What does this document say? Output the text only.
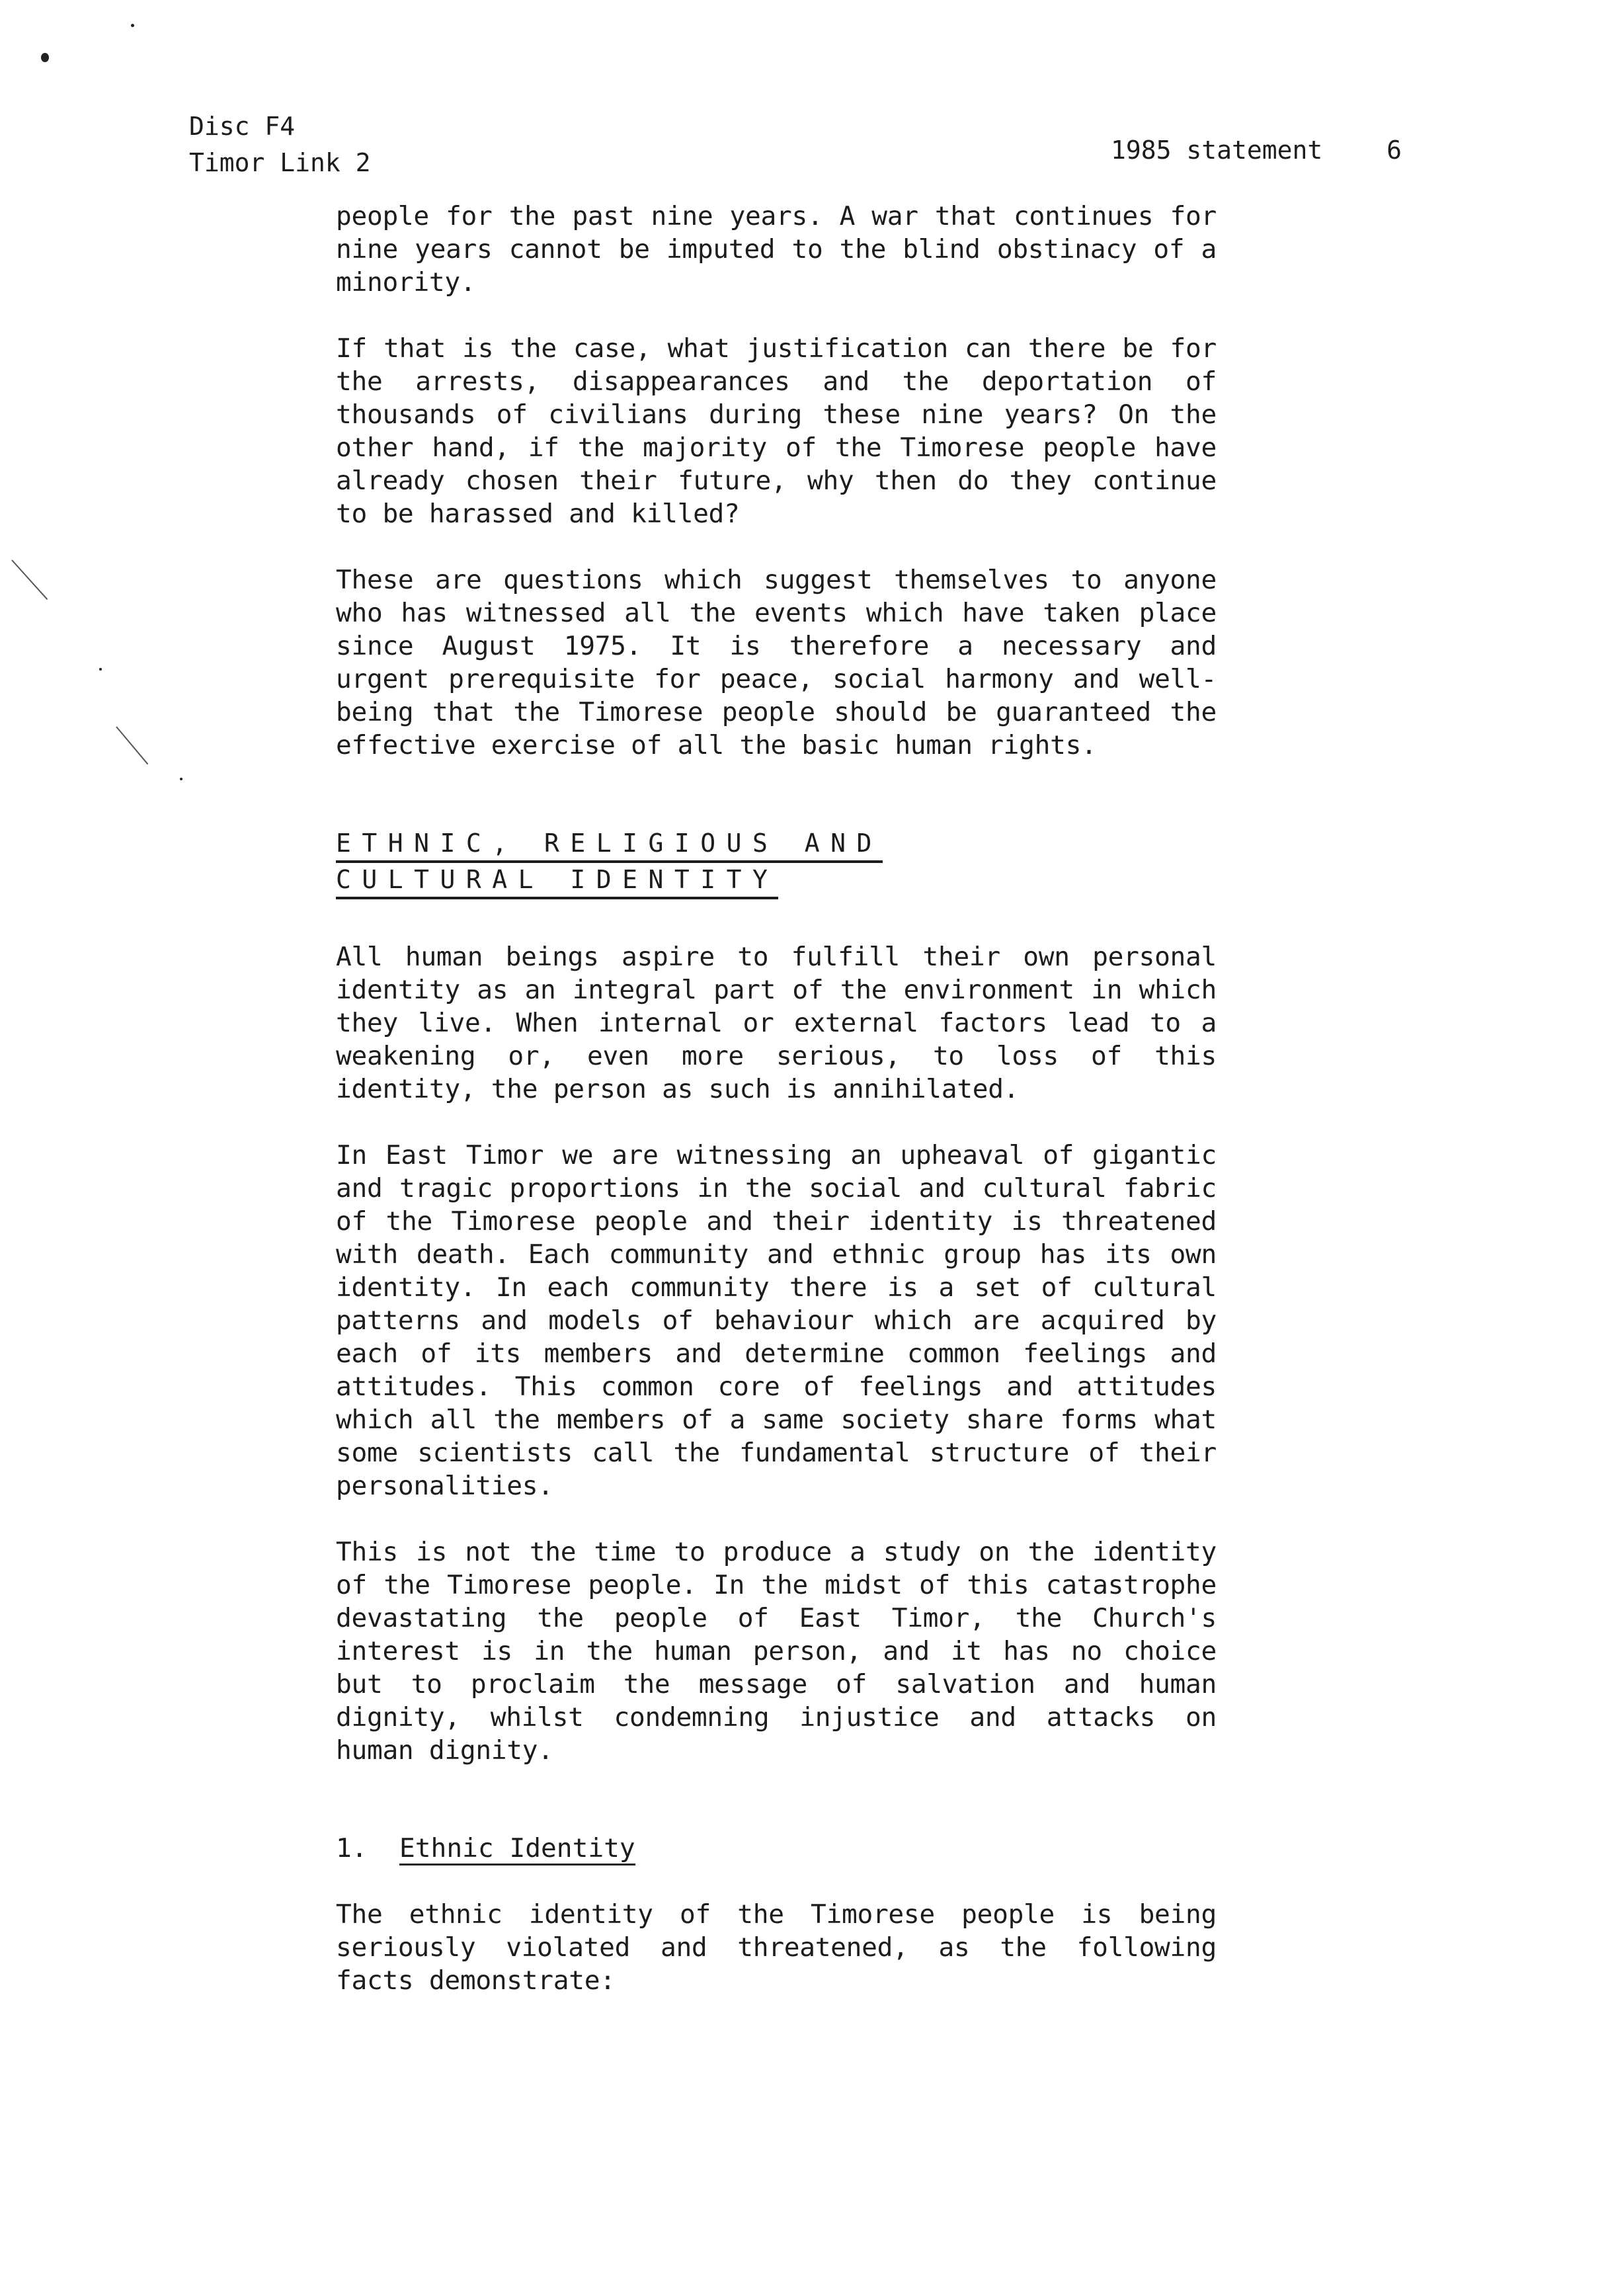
Disc F4
Timor Link 2	1985 statement	6

people for the past nine years. A war that continues for nine years cannot be imputed to the blind obstinacy of a minority.

If that is the case, what justification can there be for the arrests, disappearances and the deportation of thousands of civilians during these nine years? On the other hand, if the majority of the Timorese people have already chosen their future, why then do they continue to be harassed and killed?

These are questions which suggest themselves to anyone who has witnessed all the events which have taken place since August 1975. It is therefore a necessary and urgent prerequisite for peace, social harmony and well-being that the Timorese people should be guaranteed the effective exercise of all the basic human rights.

ETHNIC, RELIGIOUS AND
CULTURAL IDENTITY

All human beings aspire to fulfill their own personal identity as an integral part of the environment in which they live. When internal or external factors lead to a weakening or, even more serious, to loss of this identity, the person as such is annihilated.

In East Timor we are witnessing an upheaval of gigantic and tragic proportions in the social and cultural fabric of the Timorese people and their identity is threatened with death. Each community and ethnic group has its own identity. In each community there is a set of cultural patterns and models of behaviour which are acquired by each of its members and determine common feelings and attitudes. This common core of feelings and attitudes which all the members of a same society share forms what some scientists call the fundamental structure of their personalities.

This is not the time to produce a study on the identity of the Timorese people. In the midst of this catastrophe devastating the people of East Timor, the Church's interest is in the human person, and it has no choice but to proclaim the message of salvation and human dignity, whilst condemning injustice and attacks on human dignity.

1. Ethnic Identity

The ethnic identity of the Timorese people is being seriously violated and threatened, as the following facts demonstrate:
